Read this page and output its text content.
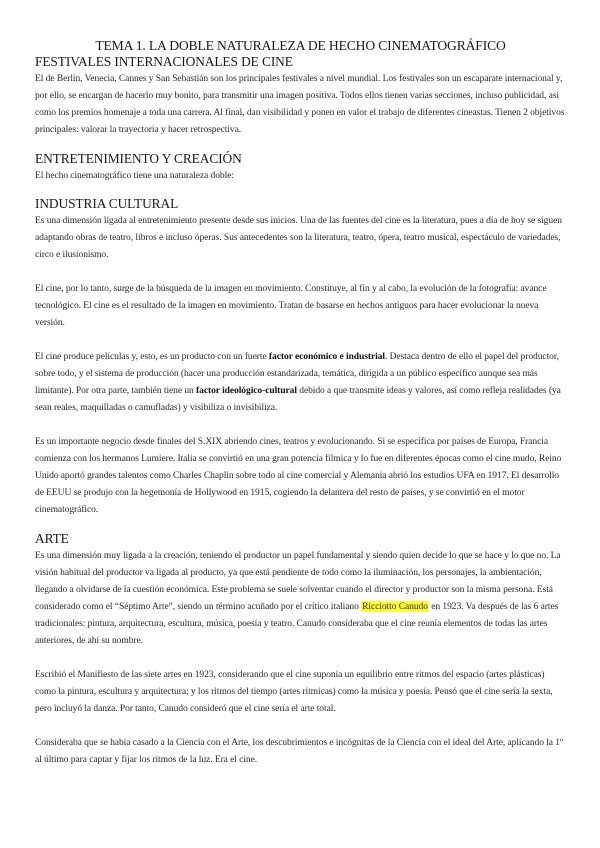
TEMA 1. LA DOBLE NATURALEZA DE HECHO CINEMATOGRÁFICO
FESTIVALES INTERNACIONALES DE CINE

El de Berlín, Venecia, Cannes y San Sebastián son los principales festivales a nivel mundial. Los festivales son un escaparate internacional y, por ello, se encargan de hacerlo muy bonito, para transmitir una imagen positiva. Todos ellos tienen varias secciones, incluso publicidad, así como los premios homenaje a toda una carrera. Al final, dan visibilidad y ponen en valor el trabajo de diferentes cineastas. Tienen 2 objetivos principales: valorar la trayectoria y hacer retrospectiva.

ENTRETENIMIENTO Y CREACIÓN

El hecho cinematográfico tiene una naturaleza doble:

INDUSTRIA CULTURAL

Es una dimensión ligada al entretenimiento presente desde sus inicios. Una de las fuentes del cine es la literatura, pues a día de hoy se siguen adaptando obras de teatro, libros e incluso óperas. Sus antecedentes son la literatura, teatro, ópera, teatro musical, espectáculo de variedades, circo e ilusionismo.

El cine, por lo tanto, surge de la búsqueda de la imagen en movimiento. Constituye, al fin y al cabo, la evolución de la fotografía: avance tecnológico. El cine es el resultado de la imagen en movimiento. Tratan de basarse en hechos antiguos para hacer evolucionar la nueva versión.

El cine produce películas y, esto, es un producto con un fuerte factor económico e industrial. Destaca dentro de ello el papel del productor, sobre todo, y el sistema de producción (hacer una producción estandarizada, temática, dirigida a un público específico aunque sea más limitante). Por otra parte, también tiene un factor ideológico-cultural debido a que transmite ideas y valores, así como refleja realidades (ya sean reales, maquilladas o camufladas) y visibiliza o invisibiliza.

Es un importante negocio desde finales del S.XIX abriendo cines, teatros y evolucionando. Si se especifica por países de Europa, Francia comienza con los hermanos Lumiere. Italia se convirtió en una gran potencia fílmica y lo fue en diferentes épocas como el cine mudo, Reino Unido aportó grandes talentos como Charles Chaplin sobre todo al cine comercial y Alemania abrió los estudios UFA en 1917. El desarrollo de EEUU se produjo con la hegemonía de Hollywood en 1915, cogiendo la delantera del resto de países, y se convirtió en el motor cinematográfico.

ARTE

Es una dimensión muy ligada a la creación, teniendo el productor un papel fundamental y siendo quien decide lo que se hace y lo que no. La visión habitual del productor va ligada al producto, ya que está pendiente de todo como la iluminación, los personajes, la ambientación, llegando a olvidarse de la cuestión económica. Este problema se suele solventar cuando el director y productor son la misma persona. Está considerado como el “Séptimo Arte”, siendo un término acuñado por el crítico italiano Ricciotto Canudo en 1923. Va después de las 6 artes tradicionales: pintura, arquitectura, escultura, música, poesía y teatro. Canudo consideraba que el cine reunía elementos de todas las artes anteriores, de ahí su nombre.

Escribió el Manifiesto de las siete artes en 1923, considerando que el cine suponía un equilibrio entre ritmos del espacio (artes plásticas) como la pintura, escultura y arquitectura; y los ritmos del tiempo (artes rítmicas) como la música y poesía. Pensó que el cine sería la sexta, pero incluyó la danza. Por tanto, Canudo consideró que el cine sería el arte total.

Consideraba que se había casado a la Ciencia con el Arte, los descubrimientos e incógnitas de la Ciencia con el ideal del Arte, aplicando la 1º al último para captar y fijar los ritmos de la luz. Era el cine.
